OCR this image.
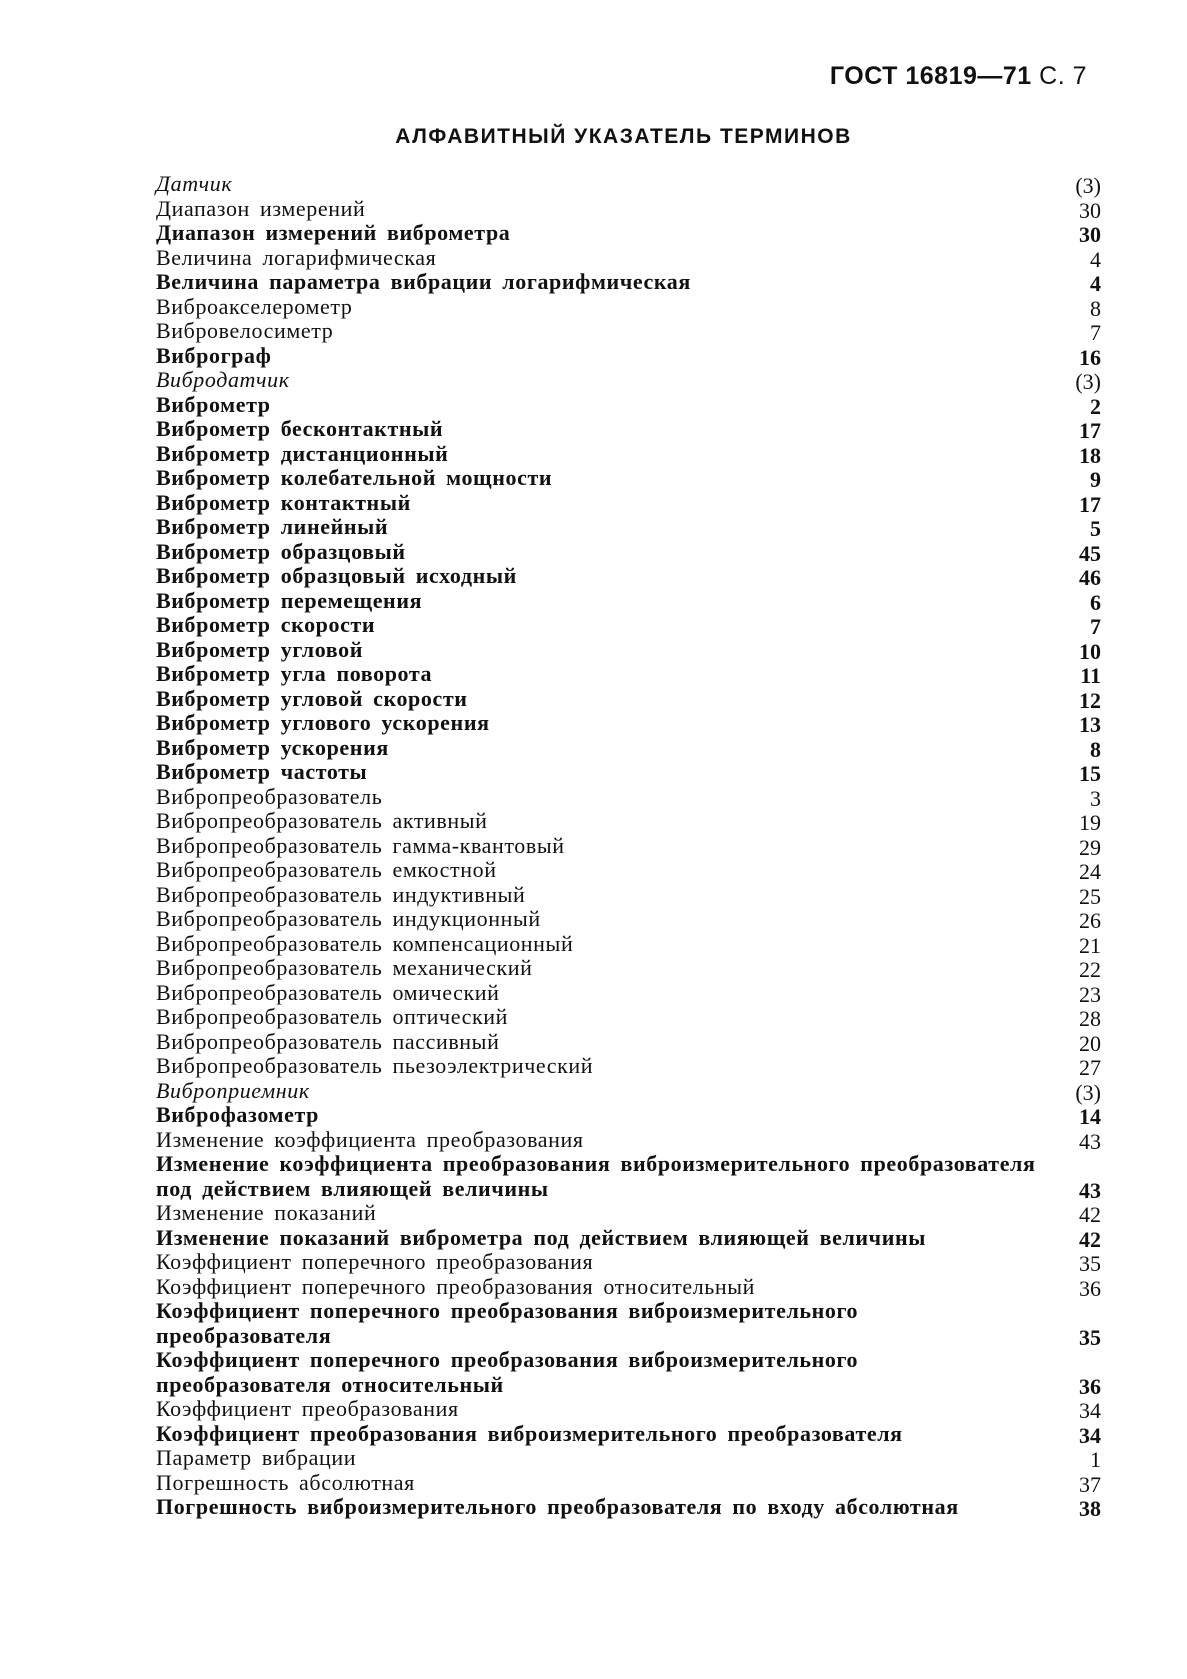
ГОСТ 16819—71 С. 7
АЛФАВИТНЫЙ УКАЗАТЕЛЬ ТЕРМИНОВ
Датчик	(3)
Диапазон измерений	30
Диапазон измерений виброметра	30
Величина логарифмическая	4
Величина параметра вибрации логарифмическая	4
Виброакселерометр	8
Вибровелосиметр	7
Виброграф	16
Вибродатчик	(3)
Виброметр	2
Виброметр бесконтактный	17
Виброметр дистанционный	18
Виброметр колебательной мощности	9
Виброметр контактный	17
Виброметр линейный	5
Виброметр образцовый	45
Виброметр образцовый исходный	46
Виброметр перемещения	6
Виброметр скорости	7
Виброметр угловой	10
Виброметр угла поворота	11
Виброметр угловой скорости	12
Виброметр углового ускорения	13
Виброметр ускорения	8
Виброметр частоты	15
Вибропреобразователь	3
Вибропреобразователь активный	19
Вибропреобразователь гамма-квантовый	29
Вибропреобразователь емкостной	24
Вибропреобразователь индуктивный	25
Вибропреобразователь индукционный	26
Вибропреобразователь компенсационный	21
Вибропреобразователь механический	22
Вибропреобразователь омический	23
Вибропреобразователь оптический	28
Вибропреобразователь пассивный	20
Вибропреобразователь пьезоэлектрический	27
Виброприемник	(3)
Виброфазометр	14
Изменение коэффициента преобразования	43
Изменение коэффициента преобразования виброизмерительного преобразователя под действием влияющей величины	43
Изменение показаний	42
Изменение показаний виброметра под действием влияющей величины	42
Коэффициент поперечного преобразования	35
Коэффициент поперечного преобразования относительный	36
Коэффициент поперечного преобразования виброизмерительного преобразователя	35
Коэффициент поперечного преобразования виброизмерительного преобразователя относительный	36
Коэффициент преобразования	34
Коэффициент преобразования виброизмерительного преобразователя	34
Параметр вибрации	1
Погрешность абсолютная	37
Погрешность виброизмерительного преобразователя по входу абсолютная	38
